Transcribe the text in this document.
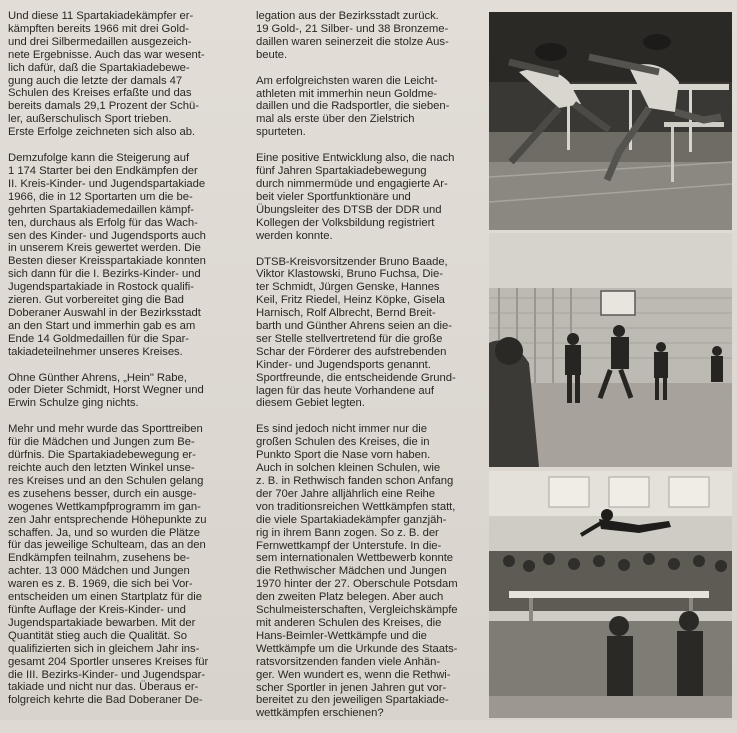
Und diese 11 Spartakiadekämpfer er-
kämpften bereits 1966 mit drei Gold-
und drei Silbermedaillen ausgezeich-
nete Ergebnisse. Auch das war wesent-
lich dafür, daß die Spartakiadebewe-
gung auch die letzte der damals 47
Schulen des Kreises erfaßte und das
bereits damals 29,1 Prozent der Schü-
ler, außerschulisch Sport trieben.
Erste Erfolge zeichneten sich also ab.

Demzufolge kann die Steigerung auf
1 174 Starter bei den Endkämpfen der
II. Kreis-Kinder- und Jugendspartakiade
1966, die in 12 Sportarten um die be-
gehrten Spartakiademedaillen kämpf-
ten, durchaus als Erfolg für das Wach-
sen des Kinder- und Jugendsports auch
in unserem Kreis gewertet werden. Die
Besten dieser Kreisspartakiade konnten
sich dann für die I. Bezirks-Kinder- und
Jugendspartakiade in Rostock qualifi-
zieren. Gut vorbereitet ging die Bad
Doberaner Auswahl in der Bezirksstadt
an den Start und immerhin gab es am
Ende 14 Goldmedaillen für die Spar-
takiadeteilnehmer unseres Kreises.

Ohne Günther Ahrens, „Hein" Rabe,
oder Dieter Schmidt, Horst Wegner und
Erwin Schulze ging nichts.

Mehr und mehr wurde das Sporttreiben
für die Mädchen und Jungen zum Be-
dürfnis. Die Spartakiadebewegung er-
reichte auch den letzten Winkel unse-
res Kreises und an den Schulen gelang
es zusehens besser, durch ein ausge-
wogenes Wettkampfprogramm im gan-
zen Jahr entsprechende Höhepunkte zu
schaffen. Ja, und so wurden die Plätze
für das jeweilige Schulteam, das an den
Endkämpfen teilnahm, zusehens be-
achter. 13 000 Mädchen und Jungen
waren es z. B. 1969, die sich bei Vor-
entscheiden um einen Startplatz für die
fünfte Auflage der Kreis-Kinder- und
Jugendspartakiade bewarben. Mit der
Quantität stieg auch die Qualität. So
qualifizierten sich in gleichem Jahr ins-
gesamt 204 Sportler unseres Kreises für
die III. Bezirks-Kinder- und Jugendspar-
takiade und nicht nur das. Überaus er-
folgreich kehrte die Bad Doberaner De-

legation aus der Bezirksstadt zurück.
19 Gold-, 21 Silber- und 38 Bronzeme-
daillen waren seinerzeit die stolze Aus-
beute.

Am erfolgreichsten waren die Leicht-
athleten mit immerhin neun Goldme-
daillen und die Radsportler, die sieben-
mal als erste über den Zielstrich
spurteten.

Eine positive Entwicklung also, die nach
fünf Jahren Spartakiadebewegung
durch nimmermüde und engagierte Ar-
beit vieler Sportfunktionäre und
Übungsleiter des DTSB der DDR und
Kollegen der Volksbildung registriert
werden konnte.

DTSB-Kreisvorsitzender Bruno Baade,
Viktor Klastowski, Bruno Fuchsa, Die-
ter Schmidt, Jürgen Genske, Hannes
Keil, Fritz Riedel, Heinz Köpke, Gisela
Harnisch, Rolf Albrecht, Bernd Breit-
barth und Günther Ahrens seien an die-
ser Stelle stellvertretend für die große
Schar der Förderer des aufstrebenden
Kinder- und Jugendsports genannt.
Sportfreunde, die entscheidende Grund-
lagen für das heute Vorhandene auf
diesem Gebiet legten.

Es sind jedoch nicht immer nur die
großen Schulen des Kreises, die in
Punkto Sport die Nase vorn haben.
Auch in solchen kleinen Schulen, wie
z. B. in Rethwisch fanden schon Anfang
der 70er Jahre alljährlich eine Reihe
von traditionsreichen Wettkämpfen statt,
die viele Spartakiadekämpfer ganzjäh-
rig in ihrem Bann zogen. So z. B. der
Fernwettkampf der Unterstufe. In die-
sem internationalen Wettbewerb konnte
die Rethwischer Mädchen und Jungen
1970 hinter der 27. Oberschule Potsdam
den zweiten Platz belegen. Aber auch
Schulmeisterschaften, Vergleichskämpfe
mit anderen Schulen des Kreises, die
Hans-Beimler-Wettkämpfe und die
Wettkämpfe um die Urkunde des Staats-
ratsvorsitzenden fanden viele Anhän-
ger. Wen wundert es, wenn die Rethwi-
scher Sportler in jenen Jahren gut vor-
bereitet zu den jeweiligen Spartakiade-
wettkämpfen erschienen?
